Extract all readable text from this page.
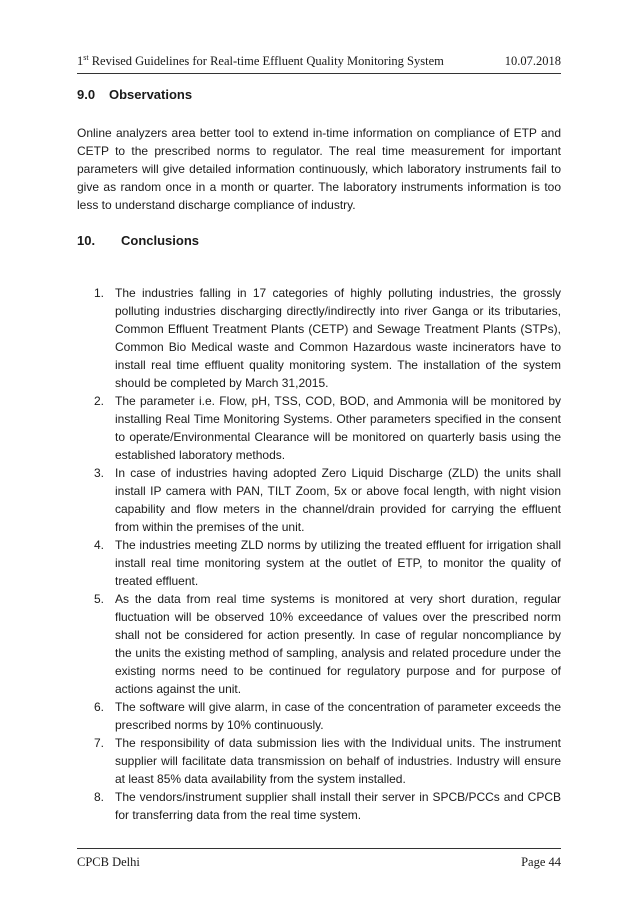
1st Revised Guidelines for Real-time Effluent Quality Monitoring System	10.07.2018
9.0	Observations

Online analyzers area better tool to extend in-time information on compliance of ETP and CETP to the prescribed norms to regulator. The real time measurement for important parameters will give detailed information continuously, which laboratory instruments fail to give as random once in a month or quarter. The laboratory instruments information is too less to understand discharge compliance of industry.

10.	Conclusions
1. The industries falling in 17 categories of highly polluting industries, the grossly polluting industries discharging directly/indirectly into river Ganga or its tributaries, Common Effluent Treatment Plants (CETP) and Sewage Treatment Plants (STPs), Common Bio Medical waste and Common Hazardous waste incinerators have to install real time effluent quality monitoring system. The installation of the system should be completed by March 31,2015.
2. The parameter i.e. Flow, pH, TSS, COD, BOD, and Ammonia will be monitored by installing Real Time Monitoring Systems. Other parameters specified in the consent to operate/Environmental Clearance will be monitored on quarterly basis using the established laboratory methods.
3. In case of industries having adopted Zero Liquid Discharge (ZLD) the units shall install IP camera with PAN, TILT Zoom, 5x or above focal length, with night vision capability and flow meters in the channel/drain provided for carrying the effluent from within the premises of the unit.
4. The industries meeting ZLD norms by utilizing the treated effluent for irrigation shall install real time monitoring system at the outlet of ETP, to monitor the quality of treated effluent.
5. As the data from real time systems is monitored at very short duration, regular fluctuation will be observed 10% exceedance of values over the prescribed norm shall not be considered for action presently. In case of regular noncompliance by the units the existing method of sampling, analysis and related procedure under the existing norms need to be continued for regulatory purpose and for purpose of actions against the unit.
6. The software will give alarm, in case of the concentration of parameter exceeds the prescribed norms by 10% continuously.
7. The responsibility of data submission lies with the Individual units. The instrument supplier will facilitate data transmission on behalf of industries. Industry will ensure at least 85% data availability from the system installed.
8. The vendors/instrument supplier shall install their server in SPCB/PCCs and CPCB for transferring data from the real time system.
CPCB Delhi	Page 44
